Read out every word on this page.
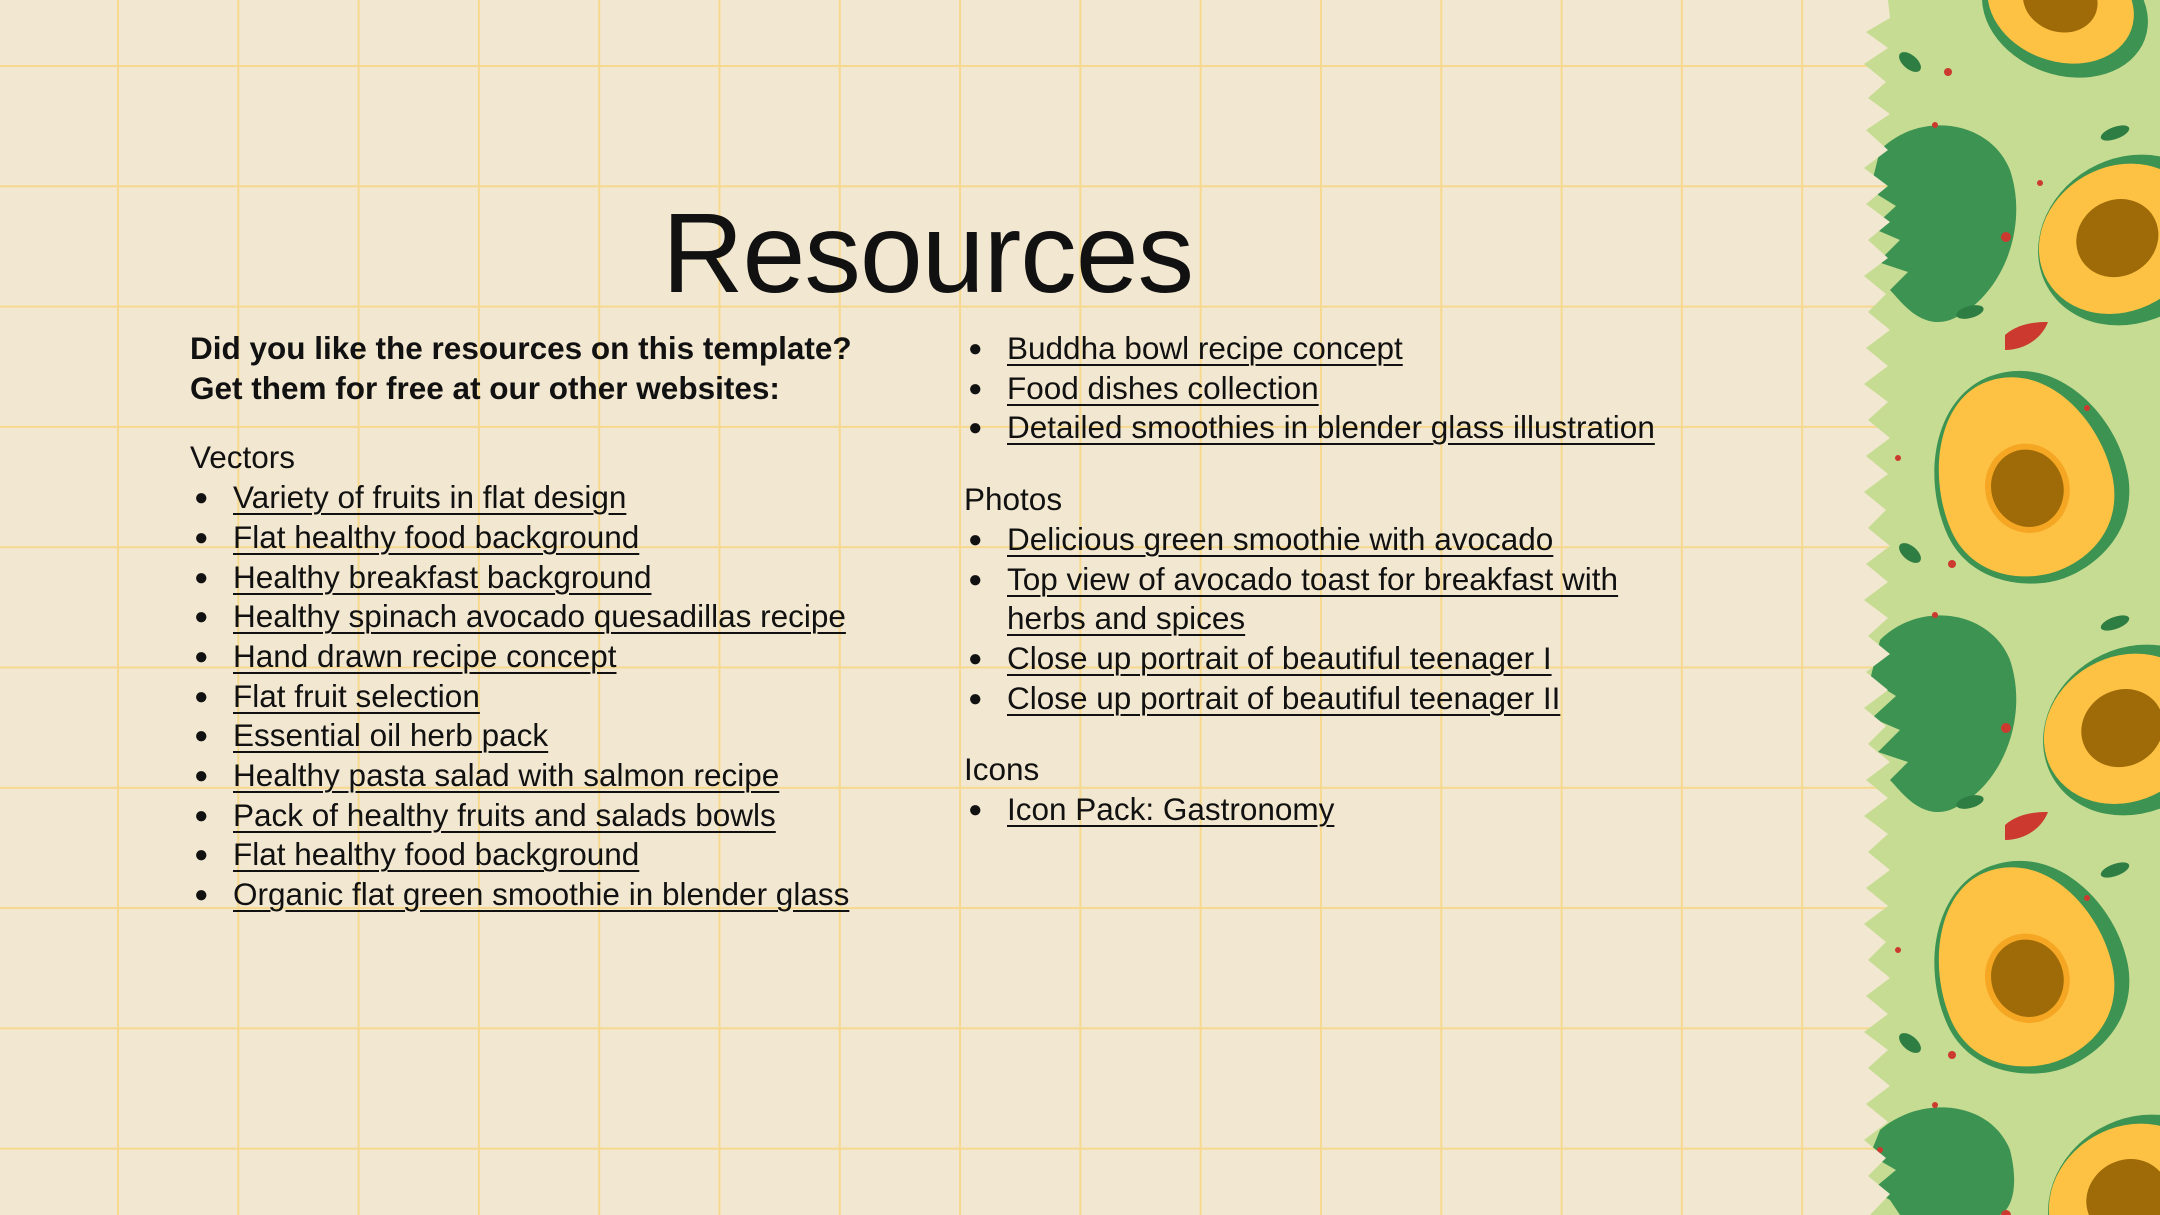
Resources

Did you like the resources on this template?
Get them for free at our other websites:

Vectors

● Variety of fruits in flat design
● Flat healthy food background
● Healthy breakfast background
● Healthy spinach avocado quesadillas recipe
● Hand drawn recipe concept
● Flat fruit selection
● Essential oil herb pack
● Healthy pasta salad with salmon recipe
● Pack of healthy fruits and salads bowls
● Flat healthy food background
● Organic flat green smoothie in blender glass
● Buddha bowl recipe concept
● Food dishes collection
● Detailed smoothies in blender glass illustration

Photos

● Delicious green smoothie with avocado
● Top view of avocado toast for breakfast with herbs and spices
● Close up portrait of beautiful teenager I
● Close up portrait of beautiful teenager II

Icons

● Icon Pack: Gastronomy
